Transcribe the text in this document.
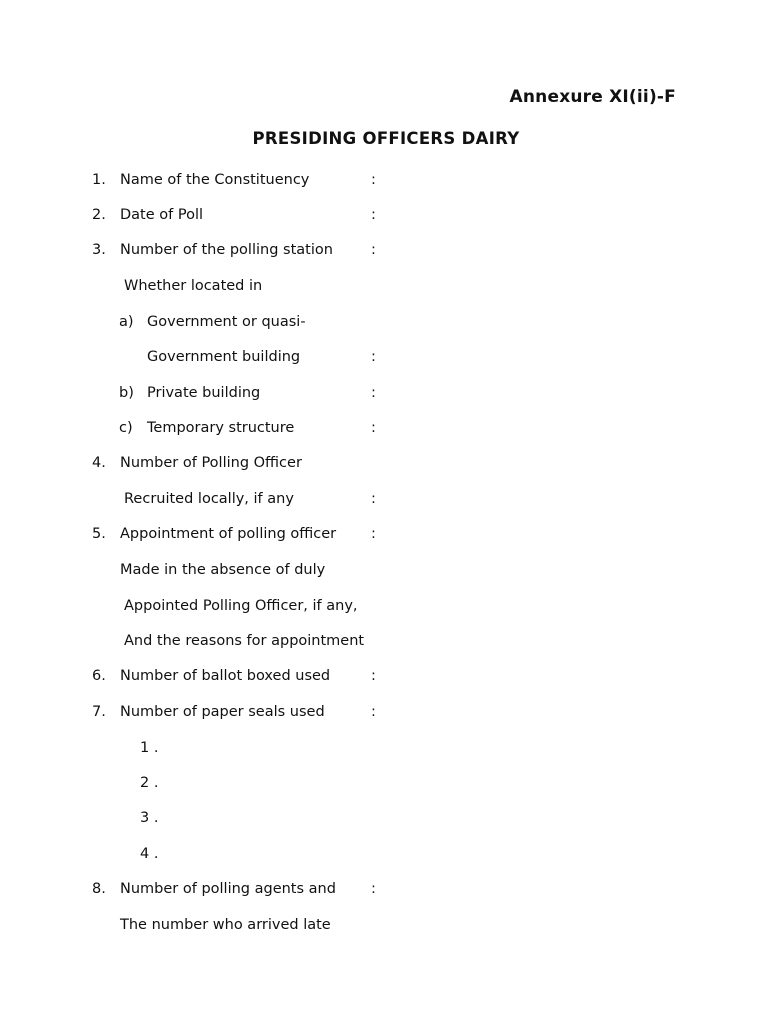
Annexure XI(ii)-F
PRESIDING OFFICERS DAIRY
1. Name of the Constituency	:
2. Date of Poll	:
3. Number of the polling station	:
Whether located in
a) Government or quasi-
Government building	:
b) Private building	:
c) Temporary structure	:
4. Number of Polling Officer
Recruited locally, if any	:
5. Appointment of polling officer :
Made in the absence of duly
Appointed Polling Officer, if any,
And the reasons for appointment
6. Number of ballot boxed used	:
7. Number of paper seals used	:
1 .
2 .
3 .
4 .
8. Number of polling agents and :
The number who arrived late
